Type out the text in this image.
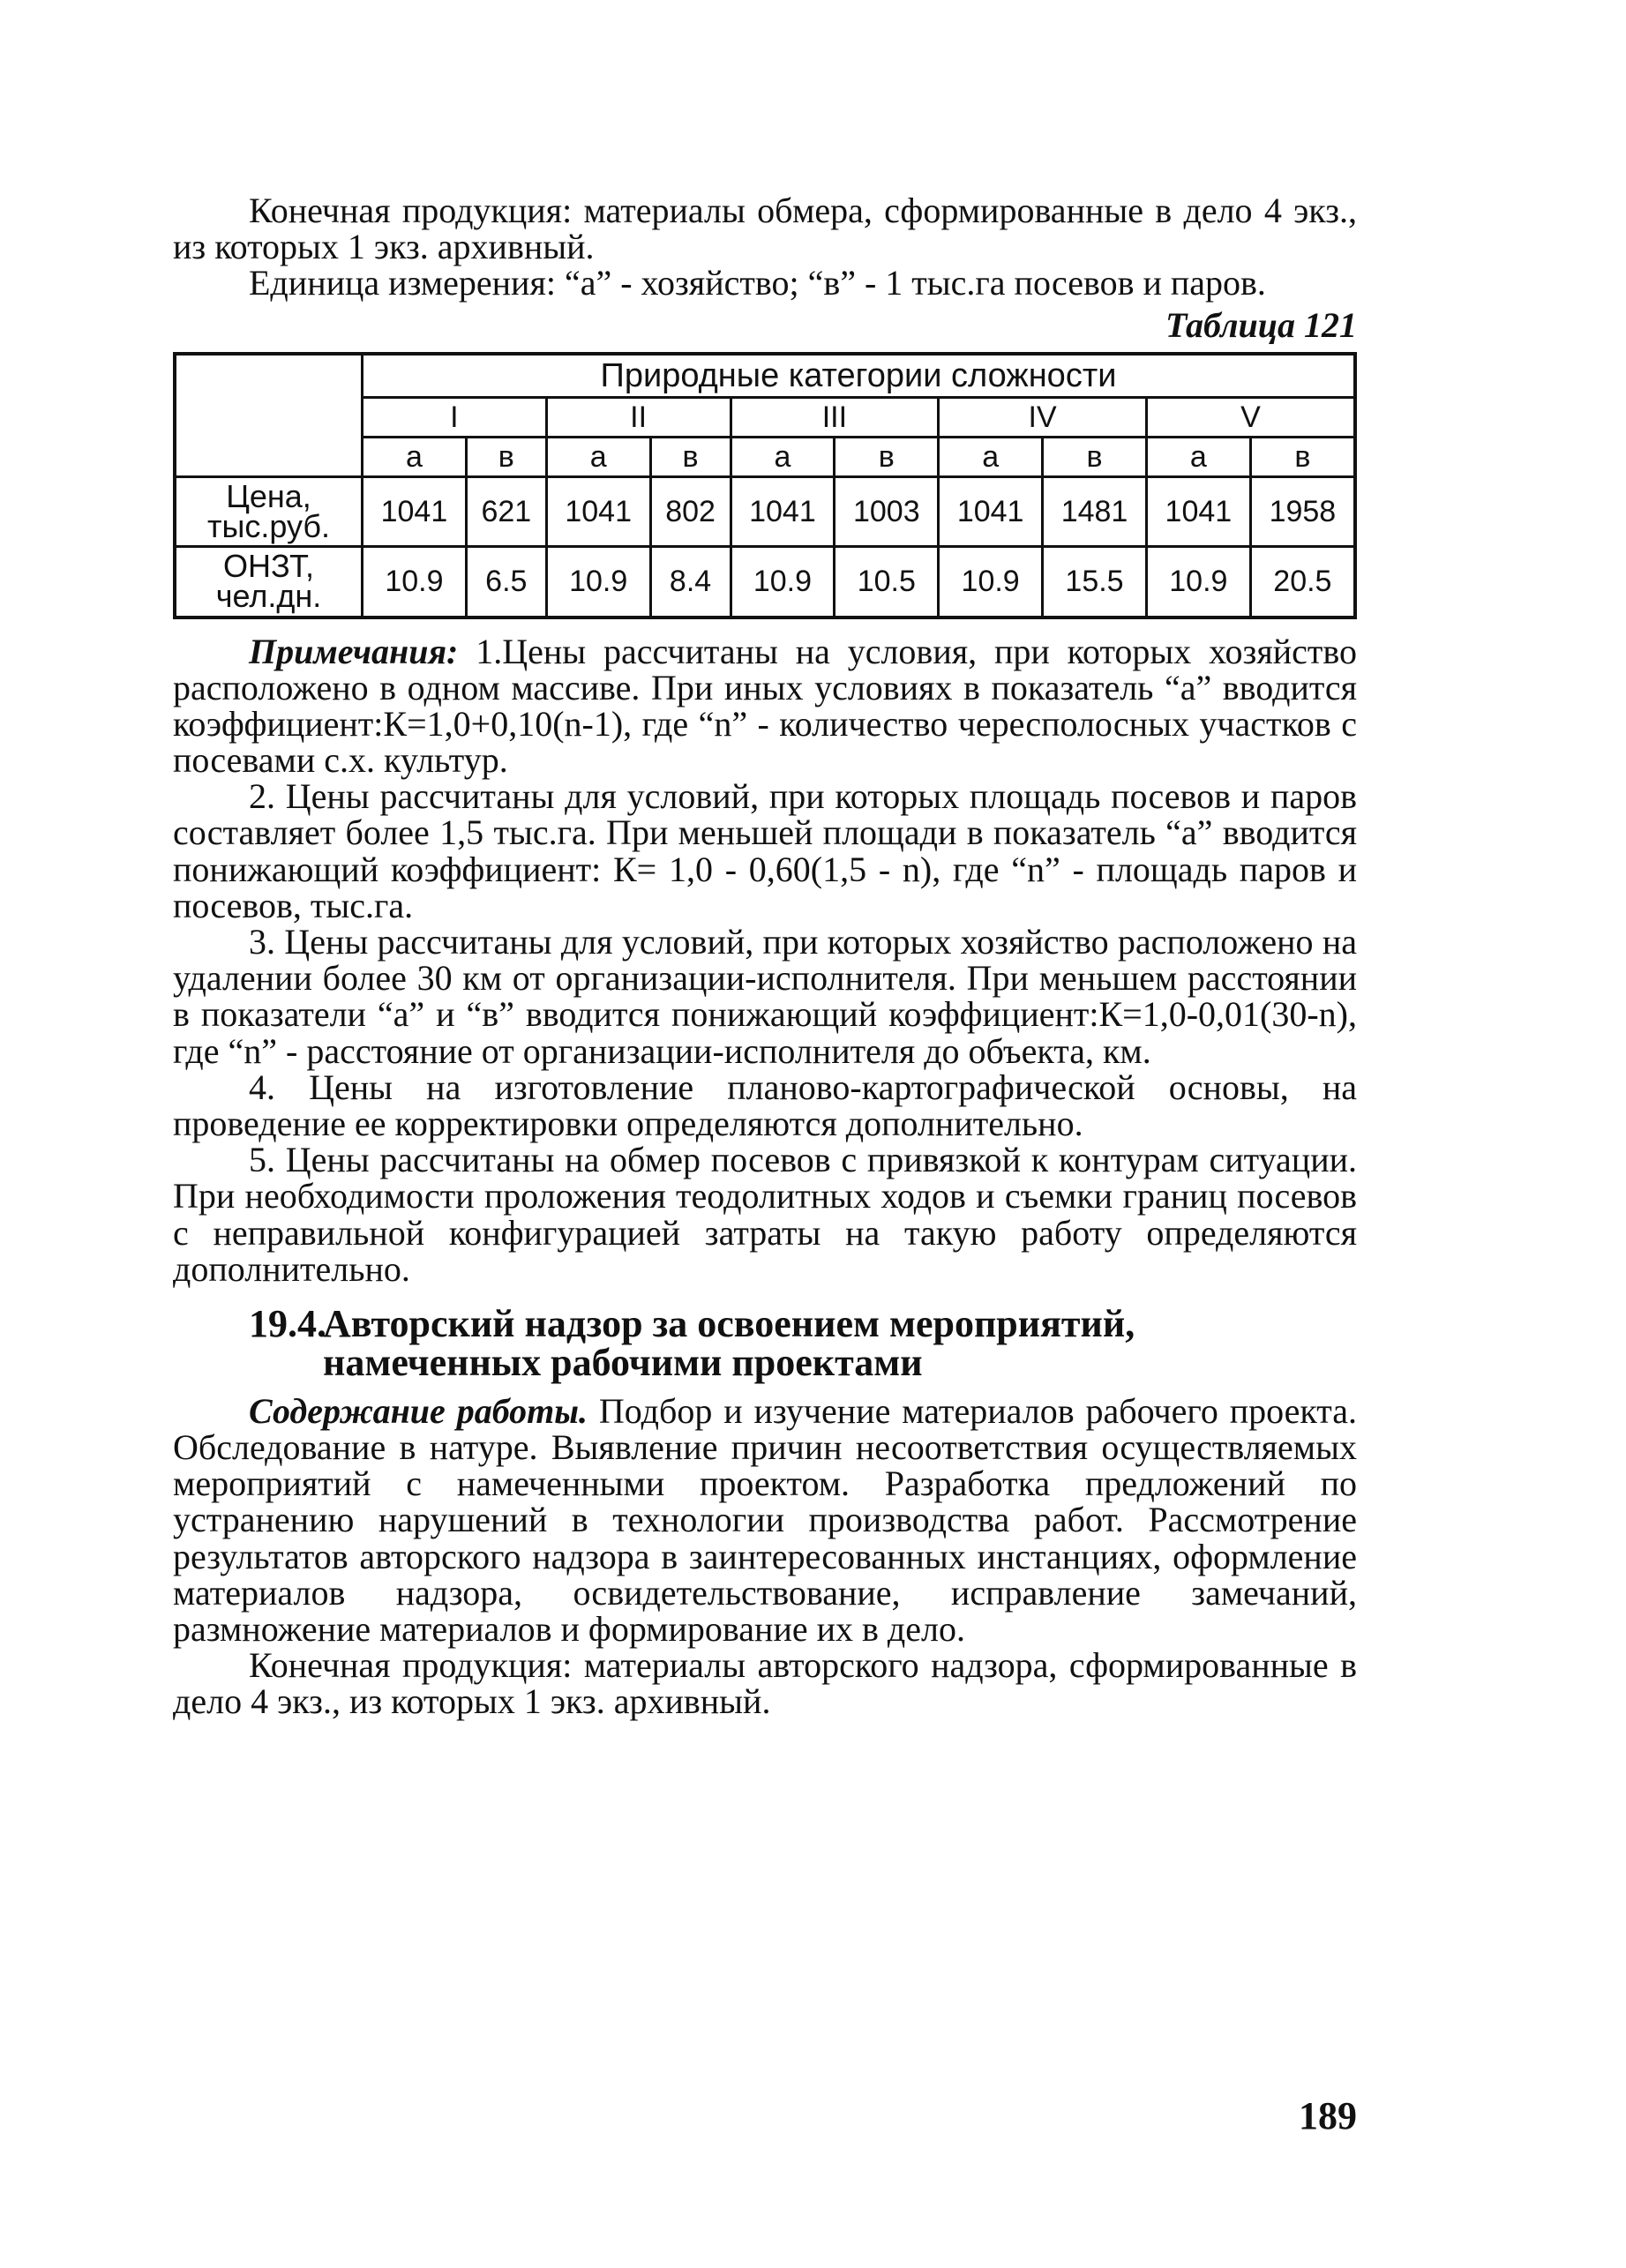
Конечная продукция: материалы обмера, сформированные в дело 4 экз., из которых 1 экз. архивный.

Единица измерения: “а” - хозяйство; “в” - 1 тыс.га посевов и паров.

Таблица 121
	Природные категории сложности									
	I		II		III		IV		V	
	а	в	а	в	а	в	а	в	а	в
Цена, тыс.руб.	1041	621	1041	802	1041	1003	1041	1481	1041	1958
ОНЗТ, чел.дн.	10.9	6.5	10.9	8.4	10.9	10.5	10.9	15.5	10.9	20.5

Примечания: 1.Цены рассчитаны на условия, при которых хозяйство расположено в одном массиве. При иных условиях в показатель “а” вводится коэффициент:К=1,0+0,10(n-1), где “n” - количество чересполосных участков с посевами с.х. культур.

2. Цены рассчитаны для условий, при которых площадь посевов и паров составляет более 1,5 тыс.га. При меньшей площади в показатель “а” вводится понижающий коэффициент: К= 1,0 - 0,60(1,5 - n), где “n” - площадь паров и посевов, тыс.га.

3. Цены рассчитаны для условий, при которых хозяйство расположено на удалении более 30 км от организации-исполнителя. При меньшем расстоянии в показатели “а” и “в” вводится понижающий коэффициент:К=1,0-0,01(30-n), где “n” - расстояние от организации-исполнителя до объекта, км.

4. Цены на изготовление планово-картографической основы, на проведение ее корректировки определяются дополнительно.

5. Цены рассчитаны на обмер посевов с привязкой к контурам ситуации. При необходимости проложения теодолитных ходов и съемки границ посевов с неправильной конфигурацией затраты на такую работу определяются дополнительно.

19.4.
Авторский надзор за освоением мероприятий, намеченных рабочими проектами

Содержание работы. Подбор и изучение материалов рабочего проекта. Обследование в натуре. Выявление причин несоответствия осуществляемых мероприятий с намеченными проектом. Разработка предложений по устранению нарушений в технологии производства работ. Рассмотрение результатов авторского надзора в заинтересованных инстанциях, оформление материалов надзора, освидетельствование, исправление замечаний, размножение материалов и формирование их в дело.

Конечная продукция: материалы авторского надзора, сформированные в дело 4 экз., из которых 1 экз. архивный.

189
